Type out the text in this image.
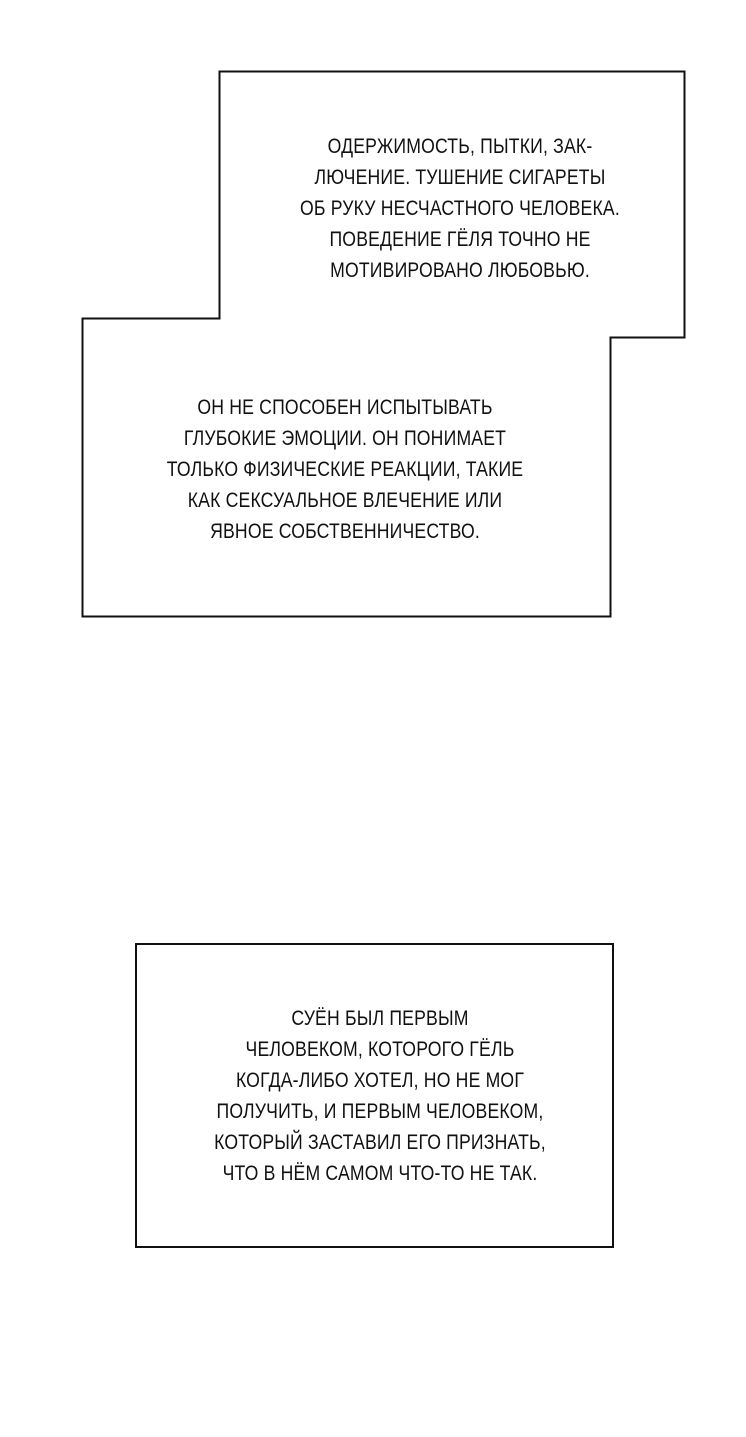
ОДЕРЖИМОСТЬ, ПЫТКИ, ЗАК-
ЛЮЧЕНИЕ. ТУШЕНИЕ СИГАРЕТЫ
ОБ РУКУ НЕСЧАСТНОГО ЧЕЛОВЕКА.
ПОВЕДЕНИЕ ГЁЛЯ ТОЧНО НЕ
МОТИВИРОВАНО ЛЮБОВЬЮ.
ОН НЕ СПОСОБЕН ИСПЫТЫВАТЬ
ГЛУБОКИЕ ЭМОЦИИ. ОН ПОНИМАЕТ
ТОЛЬКО ФИЗИЧЕСКИЕ РЕАКЦИИ, ТАКИЕ
КАК СЕКСУАЛЬНОЕ ВЛЕЧЕНИЕ ИЛИ
ЯВНОЕ СОБСТВЕННИЧЕСТВО.
СУЁН БЫЛ ПЕРВЫМ
ЧЕЛОВЕКОМ, КОТОРОГО ГЁЛЬ
КОГДА-ЛИБО ХОТЕЛ, НО НЕ МОГ
ПОЛУЧИТЬ, И ПЕРВЫМ ЧЕЛОВЕКОМ,
КОТОРЫЙ ЗАСТАВИЛ ЕГО ПРИЗНАТЬ,
ЧТО В НЁМ САМОМ ЧТО-ТО НЕ ТАК.
